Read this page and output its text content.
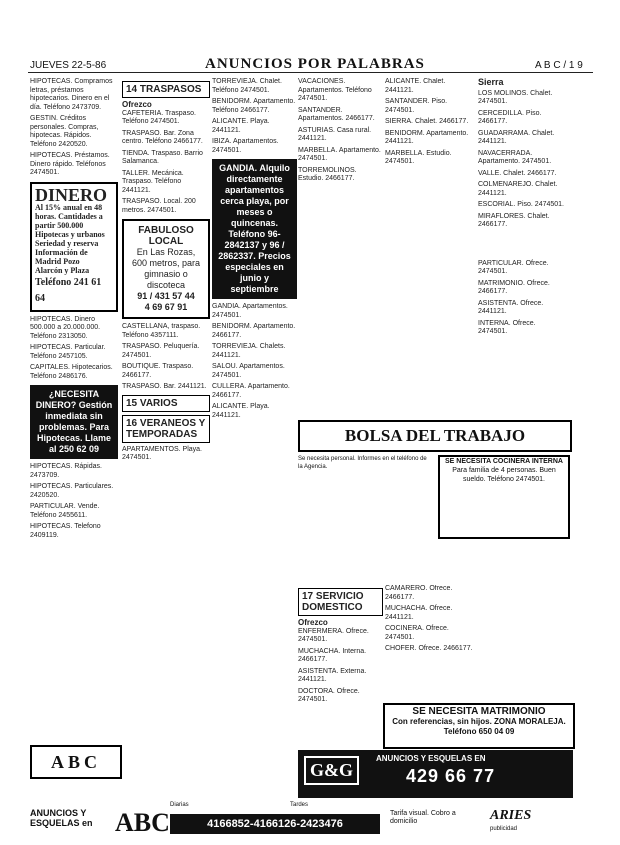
JUEVES 22-5-86	ANUNCIOS POR PALABRAS	A B C / 1 9

HIPOTECAS. Compramos letras, préstamos hipotecarios. Dinero en el día. Teléfono 2473709.

GESTIN. Créditos personales. Compras, hipotecas. Rápidos. Teléfono 2420520.

HIPOTECAS. Préstamos. Dinero rápido. Teléfonos 2474501.

DINERO
Al 15% anual en 48 horas. Cantidades a partir 500.000
Hipotecas y urbanos
Seriedad y reserva
Información de Madrid Pozo
Alarcón y Plaza
Teléfono 241 61 64

HIPOTECAS. Dinero 500.000 a 20.000.000. Teléfono 2313050.

HIPOTECAS. Particular. Teléfono 2457105.

CAPITALES. Hipotecarios. Teléfono 2486176.

¿NECESITA DINERO? Gestión inmediata sin problemas. Para Hipotecas. Llame al 250 62 09

HIPOTECAS. Rápidas. 2473709.

HIPOTECAS. Particulares. 2420520.

PARTICULAR. Vende. Teléfono 2455611.

HIPOTECAS. Telefono 2409119.

ABC
14 TRASPASOS
Ofrezco

CAFETERIA. Traspaso. Teléfono 2474501.

TRASPASO. Bar. Zona centro. Teléfono 2466177.

TIENDA. Traspaso. Barrio Salamanca.

TALLER. Mecánica. Traspaso. Teléfono 2441121.

TRASPASO. Local. 200 metros. 2474501.

FABULOSO LOCAL
En Las Rozas, 600 metros, para gimnasio o discoteca
91 / 431 57 44
4 69 67 91

CASTELLANA, traspaso. Teléfono 4357111.

TRASPASO. Peluquería. 2474501.

BOUTIQUE. Traspaso. 2466177.

TRASPASO. Bar. 2441121.

15 VARIOS
16 VERANEOS Y TEMPORADAS

APARTAMENTOS. Playa. 2474501.

TORREVIEJA. Chalet. Teléfono 2474501.

BENIDORM. Apartamento. Teléfono 2466177.

ALICANTE. Playa. 2441121.

IBIZA. Apartamentos. 2474501.

GANDIA. Alquilo directamente apartamentos cerca playa, por meses o quincenas. Teléfono 96-2842137 y 96 / 2862337. Precios especiales en junio y septiembre

GANDIA. Apartamentos. 2474501.

BENIDORM. Apartamento. 2466177.

TORREVIEJA. Chalets. 2441121.

SALOU. Apartamentos. 2474501.

CULLERA. Apartamento. 2466177.

ALICANTE. Playa. 2441121.

VACACIONES. Apartamentos. Teléfono 2474501.

SANTANDER. Apartamentos. 2466177.

ASTURIAS. Casa rural. 2441121.

MARBELLA. Apartamento. 2474501.

TORREMOLINOS. Estudio. 2466177.

ALICANTE. Chalet. 2441121.

SANTANDER. Piso. 2474501.

SIERRA. Chalet. 2466177.

BENIDORM. Apartamento. 2441121.

MARBELLA. Estudio. 2474501.

Sierra

LOS MOLINOS. Chalet. 2474501.

CERCEDILLA. Piso. 2466177.

GUADARRAMA. Chalet. 2441121.

NAVACERRADA. Apartamento. 2474501.

VALLE. Chalet. 2466177.

COLMENAREJO. Chalet. 2441121.

ESCORIAL. Piso. 2474501.

MIRAFLORES. Chalet. 2466177.

PARTICULAR. Ofrece. 2474501.

MATRIMONIO. Ofrece. 2466177.

ASISTENTA. Ofrece. 2441121.

INTERNA. Ofrece. 2474501.

BOLSA DEL TRABAJO
Se necesita personal. Informes en el teléfono de la Agencia.
SE NECESITA COCINERA INTERNA
Para familia de 4 personas. Buen sueldo. Teléfono 2474501.
17 SERVICIO DOMESTICO
Ofrezco

ENFERMERA. Ofrece. 2474501.

MUCHACHA. Interna. 2466177.

ASISTENTA. Externa. 2441121.

DOCTORA. Ofrece. 2474501.

CAMARERO. Ofrece. 2466177.

MUCHACHA. Ofrece. 2441121.

COCINERA. Ofrece. 2474501.

CHOFER. Ofrece. 2466177.

SE NECESITA MATRIMONIO
Con referencias, sin hijos. ZONA MORALEJA. Teléfono 650 04 09
G&G
ANUNCIOS Y ESQUELAS EN
429 66 77
ANUNCIOS Y ESQUELAS en ABC
Diarias	Tardes
4166852-4166126-2423476
Tarifa visual. Cobro a domicilio	ARIES
publicidad
